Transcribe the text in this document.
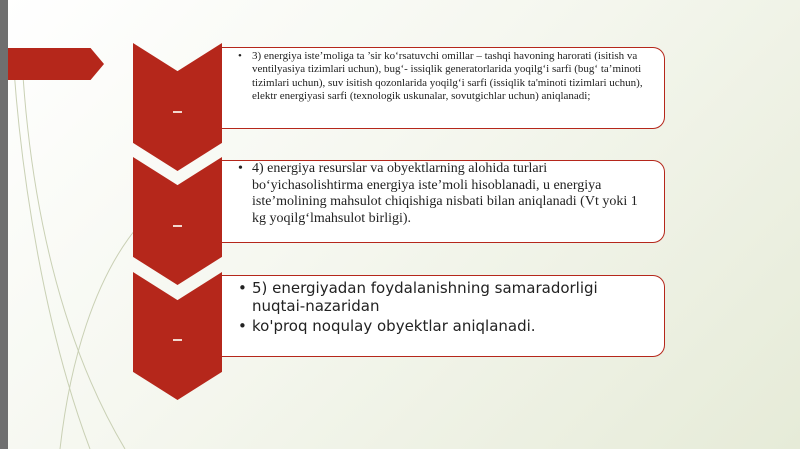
• 3) energiya iste’moliga ta ’sir ko‘rsatuvchi omillar – tashqi havoning harorati (isitish va ventilyasiya tizimlari uchun), bug‘- issiqlik generatorlarida yoqilg‘i sarfi (bug‘ ta’minoti tizimlari uchun), suv isitish qozonlarida yoqilg‘i sarfi (issiqlik ta'minoti tizimlari uchun), elektr energiyasi sarfi (texnologik uskunalar, sovutgichlar uchun) aniqlanadi;
• 4) energiya resurslar va obyektlarning alohida turlari bo‘yichasolishtirma energiya iste’moli hisoblanadi, u energiya iste’molining mahsulot chiqishiga nisbati bilan aniqlanadi (Vt yoki 1 kg yoqilg‘lmahsulot birligi).
• 5) energiyadan foydalanishning samaradorligi nuqtai-nazaridan
• ko'proq noqulay obyektlar aniqlanadi.
